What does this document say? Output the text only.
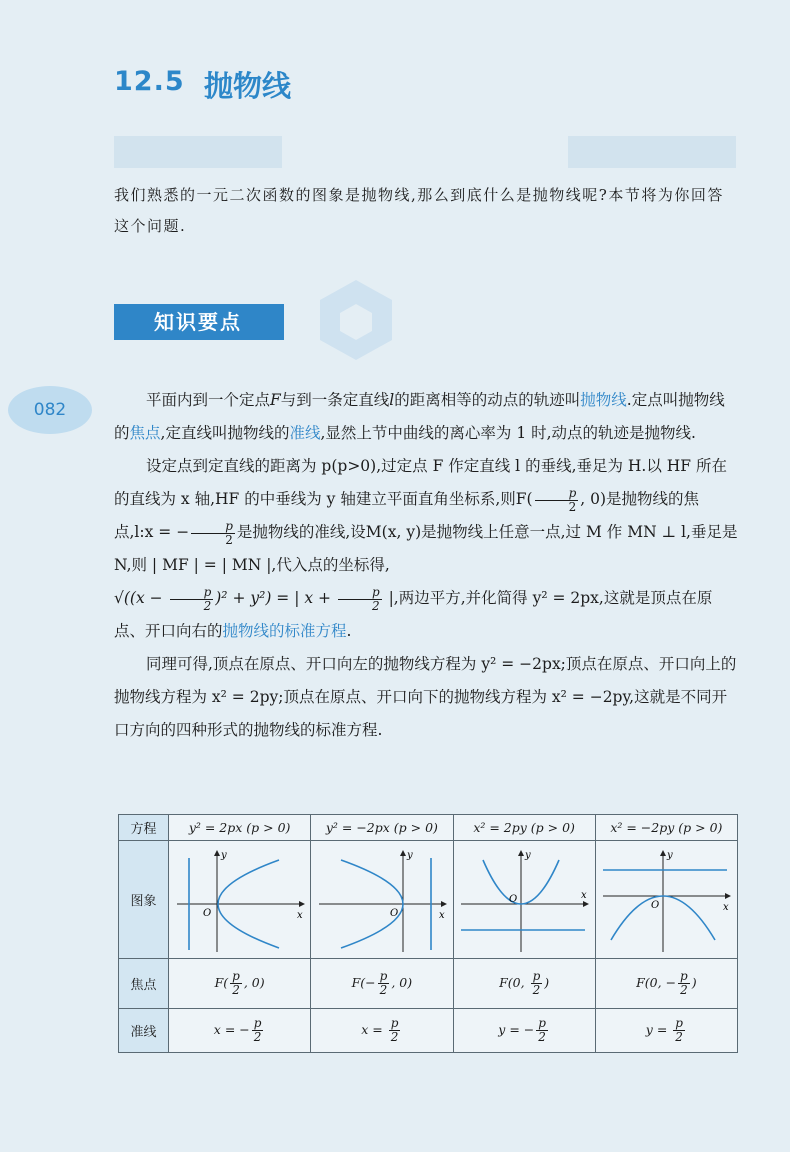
12.5 抛物线
我们熟悉的一元二次函数的图象是抛物线,那么到底什么是抛物线呢?本节将为你回答这个问题.
知识要点
082	平面内到一个定点F与到一条定直线l的距离相等的动点的轨迹叫抛物线.定点叫抛物线的焦点,定直线叫抛物线的准线,显然上节中曲线的离心率为 1 时,动点的轨迹是抛物线.

设定点到定直线的距离为 p(p>0),过定点 F 作定直线 l 的垂线,垂足为 H.以 HF 所在的直线为 x 轴,HF 的中垂线为 y 轴建立平面直角坐标系,则$F( \frac{p}{2}$ , 0)是抛物线的焦点,l:x = − $\frac{p}{2}$ 是抛物线的准线,设M(x, y)是抛物线上任意一点,过 M 作 MN ⊥ l,垂足是 N,则 | MF | = | MN |,代入点的坐标得,
$√((x - \frac{p}{2} )^2 + y^2)$ = | $x + \frac{p}{2}$ |,两边平方,并化简得 y² = 2px,这就是顶点在原点、开口向右的抛物线的标准方程.

同理可得,顶点在原点、开口向左的抛物线方程为 y² = −2px;顶点在原点、开口向上的抛物线方程为 x² = 2py;顶点在原点、开口向下的抛物线方程为 x² = −2py,这就是不同开口方向的四种形式的抛物线的标准方程.

方程	y² = 2px (p > 0)	y² = −2px (p > 0)	x² = 2py (p > 0)	x² = −2py (p > 0)
图象	y
x
O	y
x
O	y
x
O	y
x
O

焦点	$F( \frac{p}{2}$ , 0)	$F(- \frac{p}{2}$ , 0)	F(0, $\frac{p}{2}$ )	F(0, − $\frac{p}{2}$ )
准线	x = − $\frac{p}{2}$	$x = \frac{p}{2}$	y = − $\frac{p}{2}$	$y = \frac{p}{2}$
